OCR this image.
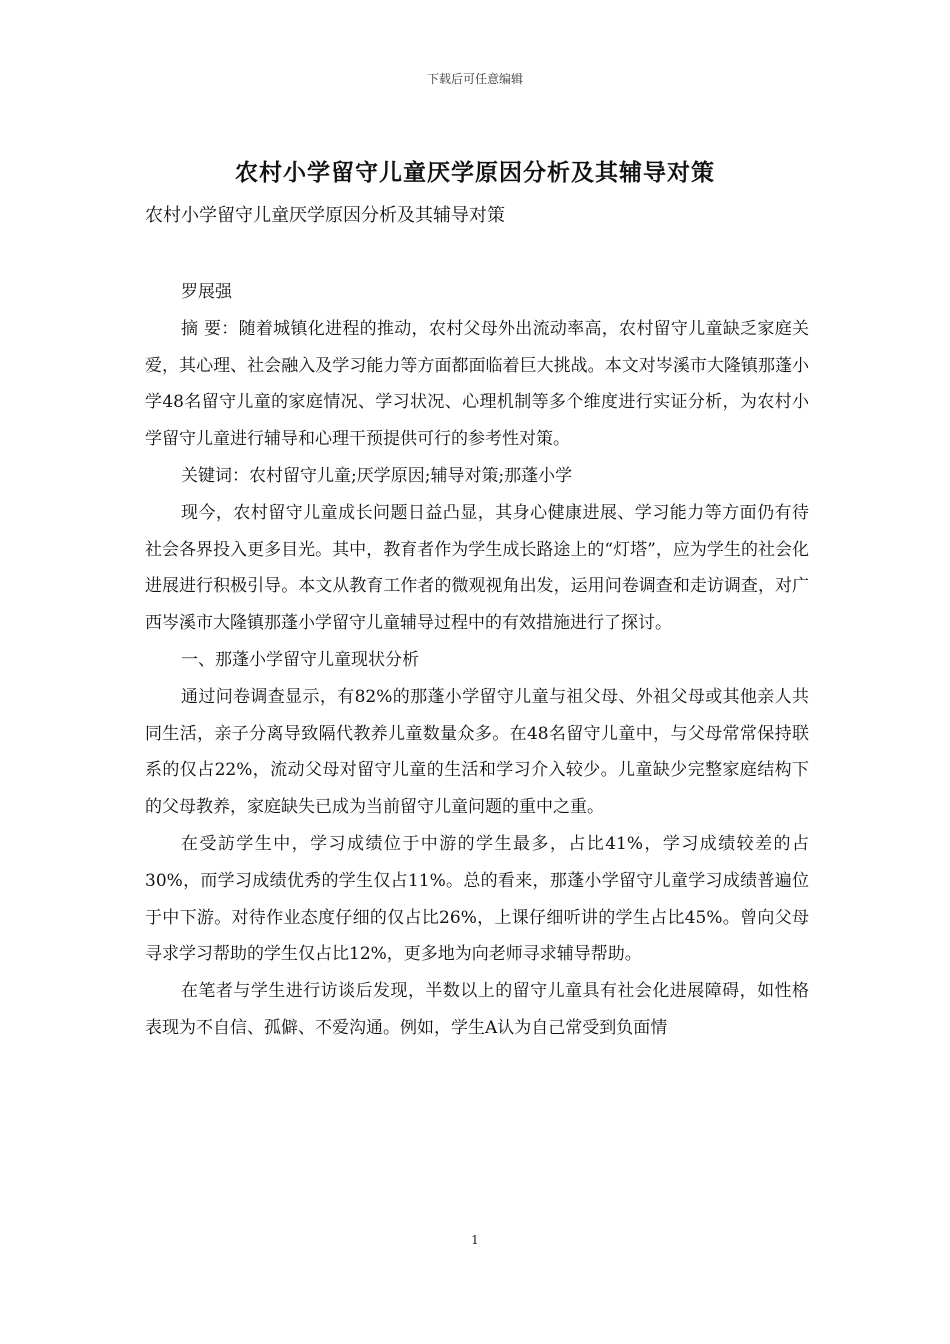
下载后可任意编辑
农村小学留守儿童厌学原因分析及其辅导对策
农村小学留守儿童厌学原因分析及其辅导对策

罗展强

摘 要：随着城镇化进程的推动，农村父母外出流动率高，农村留守儿童缺乏家庭关爱，其心理、社会融入及学习能力等方面都面临着巨大挑战。本文对岑溪市大隆镇那蓬小学48名留守儿童的家庭情况、学习状况、心理机制等多个维度进行实证分析，为农村小学留守儿童进行辅导和心理干预提供可行的参考性对策。

关键词：农村留守儿童;厌学原因;辅导对策;那蓬小学

现今，农村留守儿童成长问题日益凸显，其身心健康进展、学习能力等方面仍有待社会各界投入更多目光。其中，教育者作为学生成长路途上的“灯塔”，应为学生的社会化进展进行积极引导。本文从教育工作者的微观视角出发，运用问卷调查和走访调查，对广西岑溪市大隆镇那蓬小学留守儿童辅导过程中的有效措施进行了探讨。

一、那蓬小学留守儿童现状分析

通过问卷调查显示，有82%的那蓬小学留守儿童与祖父母、外祖父母或其他亲人共同生活，亲子分离导致隔代教养儿童数量众多。在48名留守儿童中，与父母常常保持联系的仅占22%，流动父母对留守儿童的生活和学习介入较少。儿童缺少完整家庭结构下的父母教养，家庭缺失已成为当前留守儿童问题的重中之重。

在受訪学生中，学习成绩位于中游的学生最多，占比41%，学习成绩较差的占30%，而学习成绩优秀的学生仅占11%。总的看来，那蓬小学留守儿童学习成绩普遍位于中下游。对待作业态度仔细的仅占比26%，上课仔细听讲的学生占比45%。曾向父母寻求学习帮助的学生仅占比12%，更多地为向老师寻求辅导帮助。

在笔者与学生进行访谈后发现，半数以上的留守儿童具有社会化进展障碍，如性格表现为不自信、孤僻、不爱沟通。例如，学生A认为自己常受到负面情

1
